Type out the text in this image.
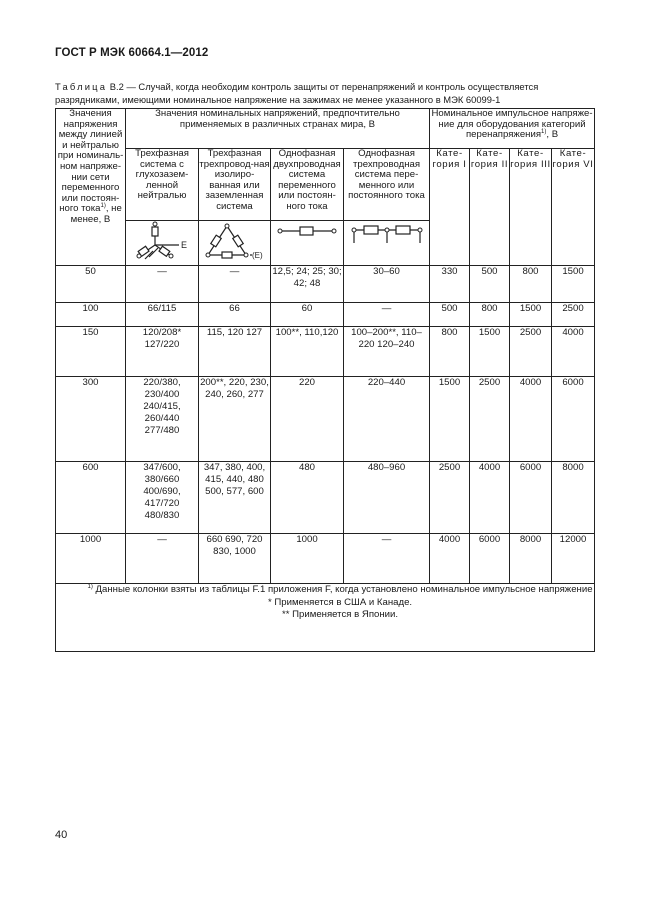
ГОСТ Р МЭК 60664.1—2012
Таблица B.2 — Случай, когда необходим контроль защиты от перенапряжений и контроль осуществляется разрядниками, имеющими номинальное напряжение на зажимах не менее указанного в МЭК 60099-1
Значения напряжения между линией и нейтралью при номиналь-ном напряже-нии сети переменного или постоян-ного тока$^{1)}$, не менее, В	Значения номинальных напряжений, предпочтительно применяемых в различных странах мира, В				Номинальное импульсное напряже-ние для оборудования категорий перенапряжения$^{1)}$, В			
	Трехфазная система с глухозазем-ленной нейтралью	Трехфазная трехпровод-ная изолиро-ванная или заземленная система	Однофазная двухпроводная система переменного или постоян-ного тока	Однофазная трехпроводная система пере-менного или постоянного тока	Кате-гория I	Кате-гория II	Кате-гория III	Кате-гория VI

E	(E)

50	—	—	12,5; 24; 25; 30; 42; 48	30–60	330	500	800	1500
100	66/115	66	60	—	500	800	1500	2500
150	120/208* 127/220	115, 120 127	100**, 110,120	100–200**, 110–220 120–240	800	1500	2500	4000
300	220/380, 230/400 240/415, 260/440 277/480	200**, 220, 230, 240, 260, 277	220	220–440	1500	2500	4000	6000
600	347/600, 380/660 400/690, 417/720 480/830	347, 380, 400, 415, 440, 480 500, 577, 600	480	480–960	2500	4000	6000	8000
1000	—	660 690, 720 830, 1000	1000	—	4000	6000	8000	12000

$^{1)}$ Данные колонки взяты из таблицы F.1 приложения F, когда установлено номинальное импульсное напряжение
* Применяется в США и Канаде.
** Применяется в Японии.								
40
